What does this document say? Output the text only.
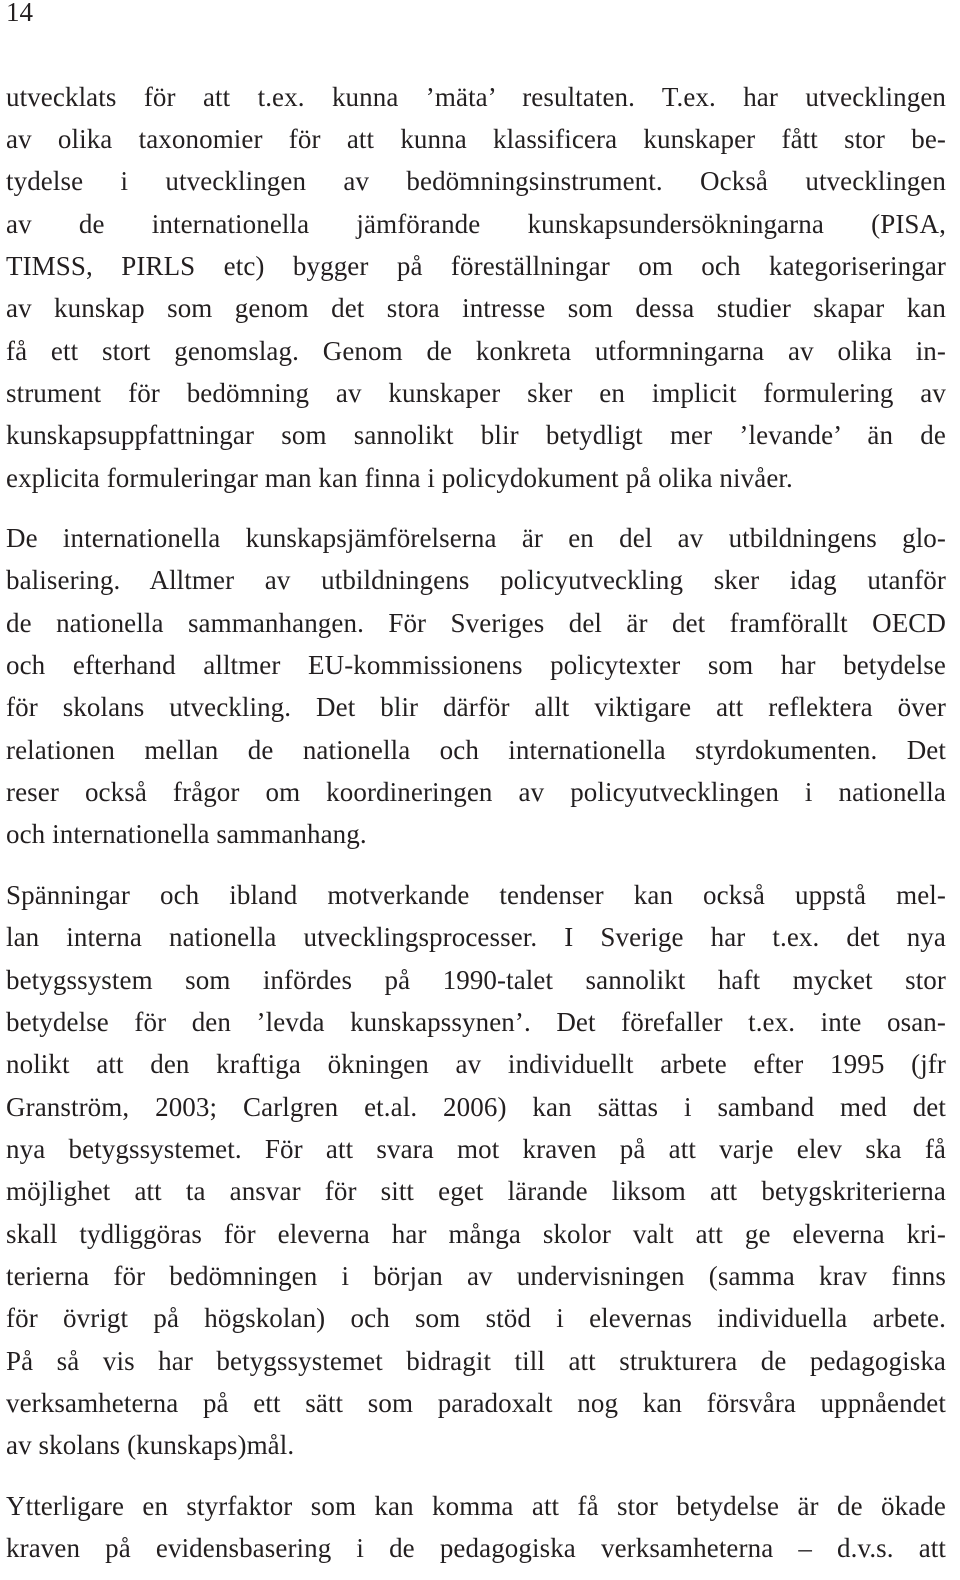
14
utvecklats för att t.ex. kunna ’mäta’ resultaten. T.ex. har utvecklingen
av olika taxonomier för att kunna klassificera kunskaper fått stor be-
tydelse i utvecklingen av bedömningsinstrument. Också utvecklingen
av de internationella jämförande kunskapsundersökningarna (PISA,
TIMSS, PIRLS etc) bygger på föreställningar om och kategoriseringar
av kunskap som genom det stora intresse som dessa studier skapar kan
få ett stort genomslag. Genom de konkreta utformningarna av olika in-
strument för bedömning av kunskaper sker en implicit formulering av
kunskapsuppfattningar som sannolikt blir betydligt mer ’levande’ än de
explicita formuleringar man kan finna i policydokument på olika nivåer.
De internationella kunskapsjämförelserna är en del av utbildningens glo-
balisering. Alltmer av utbildningens policyutveckling sker idag utanför
de nationella sammanhangen. För Sveriges del är det framförallt OECD
och efterhand alltmer EU-kommissionens policytexter som har betydelse
för skolans utveckling. Det blir därför allt viktigare att reflektera över
relationen mellan de nationella och internationella styrdokumenten. Det
reser också frågor om koordineringen av policyutvecklingen i nationella
och internationella sammanhang.
Spänningar och ibland motverkande tendenser kan också uppstå mel-
lan interna nationella utvecklingsprocesser. I Sverige har t.ex. det nya
betygssystem som infördes på 1990-talet sannolikt haft mycket stor
betydelse för den ’levda kunskapssynen’. Det förefaller t.ex. inte osan-
nolikt att den kraftiga ökningen av individuellt arbete efter 1995 (jfr
Granström, 2003; Carlgren et.al. 2006) kan sättas i samband med det
nya betygssystemet. För att svara mot kraven på att varje elev ska få
möjlighet att ta ansvar för sitt eget lärande liksom att betygskriterierna
skall tydliggöras för eleverna har många skolor valt att ge eleverna kri-
terierna för bedömningen i början av undervisningen (samma krav finns
för övrigt på högskolan) och som stöd i elevernas individuella arbete.
På så vis har betygssystemet bidragit till att strukturera de pedagogiska
verksamheterna på ett sätt som paradoxalt nog kan försvåra uppnåendet
av skolans (kunskaps)mål.
Ytterligare en styrfaktor som kan komma att få stor betydelse är de ökade
kraven på evidensbasering i de pedagogiska verksamheterna – d.v.s. att
